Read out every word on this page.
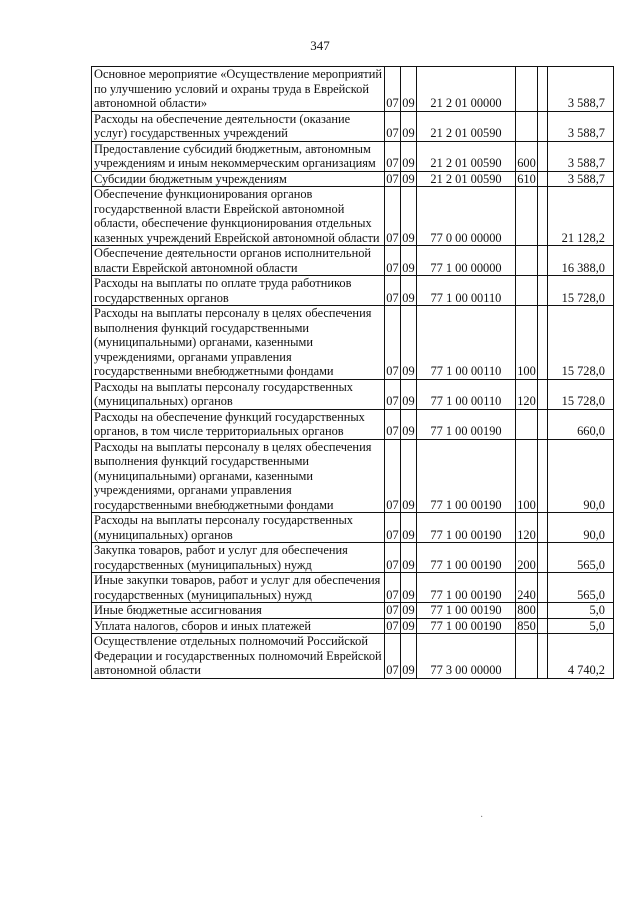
347
Основное мероприятие «Осуществление мероприятий по улучшению условий и охраны труда в Еврейской автономной области»	07	09	21 2 01 00000			3 588,7
Расходы на обеспечение деятельности (оказание услуг) государственных учреждений	07	09	21 2 01 00590			3 588,7
Предоставление субсидий бюджетным, автономным учреждениям и иным некоммерческим организациям	07	09	21 2 01 00590	600		3 588,7
Субсидии бюджетным учреждениям	07	09	21 2 01 00590	610		3 588,7
Обеспечение функционирования органов государственной власти Еврейской автономной области, обеспечение функционирования отдельных казенных учреждений Еврейской автономной области	07	09	77 0 00 00000			21 128,2
Обеспечение деятельности органов исполнительной власти Еврейской автономной области	07	09	77 1 00 00000			16 388,0
Расходы на выплаты по оплате труда работников государственных органов	07	09	77 1 00 00110			15 728,0
Расходы на выплаты персоналу в целях обеспечения выполнения функций государственными (муниципальными) органами, казенными учреждениями, органами управления государственными внебюджетными фондами	07	09	77 1 00 00110	100		15 728,0
Расходы на выплаты персоналу государственных (муниципальных) органов	07	09	77 1 00 00110	120		15 728,0
Расходы на обеспечение функций государственных органов, в том числе территориальных органов	07	09	77 1 00 00190			660,0
Расходы на выплаты персоналу в целях обеспечения выполнения функций государственными (муниципальными) органами, казенными учреждениями, органами управления государственными внебюджетными фондами	07	09	77 1 00 00190	100		90,0
Расходы на выплаты персоналу государственных (муниципальных) органов	07	09	77 1 00 00190	120		90,0
Закупка товаров, работ и услуг для обеспечения государственных (муниципальных) нужд	07	09	77 1 00 00190	200		565,0
Иные закупки товаров, работ и услуг для обеспечения государственных (муниципальных) нужд	07	09	77 1 00 00190	240		565,0
Иные бюджетные ассигнования	07	09	77 1 00 00190	800		5,0
Уплата налогов, сборов и иных платежей	07	09	77 1 00 00190	850		5,0
Осуществление отдельных полномочий Российской Федерации и государственных полномочий Еврейской автономной области	07	09	77 3 00 00000			4 740,2
·
